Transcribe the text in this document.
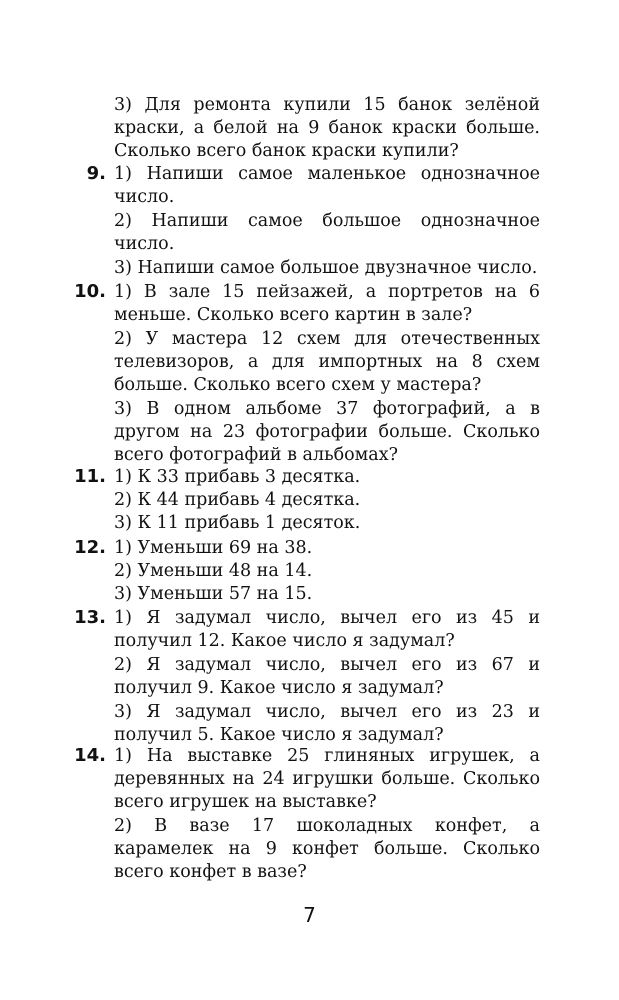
3) Для ремонта купили 15 банок зелёной краски, а белой на 9 банок краски больше. Сколько всего банок краски купили?
9. 1) Напиши самое маленькое однозначное число.
2) Напиши самое большое однозначное число.
3) Напиши самое большое двузначное число.
10. 1) В зале 15 пейзажей, а портретов на 6 меньше. Сколько всего картин в зале?
2) У мастера 12 схем для отечественных телевизоров, а для импортных на 8 схем больше. Сколько всего схем у мастера?
3) В одном альбоме 37 фотографий, а в другом на 23 фотографии больше. Сколько всего фотографий в альбомах?
11. 1) К 33 прибавь 3 десятка.
2) К 44 прибавь 4 десятка.
3) К 11 прибавь 1 десяток.
12. 1) Уменьши 69 на 38.
2) Уменьши 48 на 14.
3) Уменьши 57 на 15.
13. 1) Я задумал число, вычел его из 45 и получил 12. Какое число я задумал?
2) Я задумал число, вычел его из 67 и получил 9. Какое число я задумал?
3) Я задумал число, вычел его из 23 и получил 5. Какое число я задумал?
14. 1) На выставке 25 глиняных игрушек, а деревянных на 24 игрушки больше. Сколько всего игрушек на выставке?
2) В вазе 17 шоколадных конфет, а карамелек на 9 конфет больше. Сколько всего конфет в вазе?
7
